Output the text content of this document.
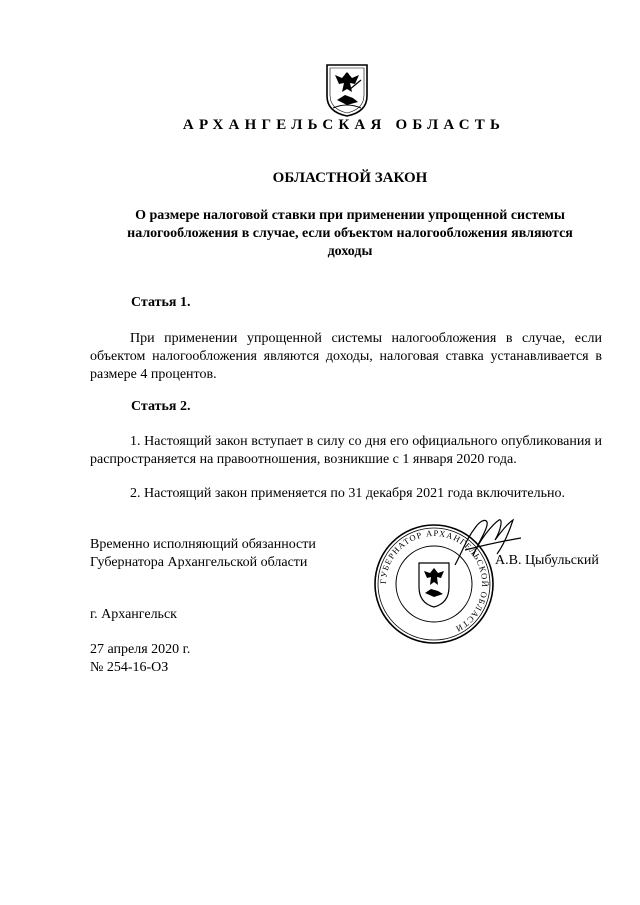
АРХАНГЕЛЬСКАЯ ОБЛАСТЬ
ОБЛАСТНОЙ ЗАКОН
О размере налоговой ставки при применении упрощенной системы
налогообложения в случае, если объектом налогообложения являются
доходы
Статья 1.
При применении упрощенной системы налогообложения в случае, если объектом налогообложения являются доходы, налоговая ставка устанавливается в размере 4 процентов.
Статья 2.
1. Настоящий закон вступает в силу со дня его официального опубликования и распространяется на правоотношения, возникшие с 1 января 2020 года.
2. Настоящий закон применяется по 31 декабря 2021 года включительно.
Временно исполняющий обязанности
Губернатора Архангельской области
ГУБЕРНАТОР АРХАНГЕЛЬСКОЙ ОБЛАСТИ
А.В. Цыбульский
г. Архангельск
27 апреля 2020 г.
№ 254-16-ОЗ
